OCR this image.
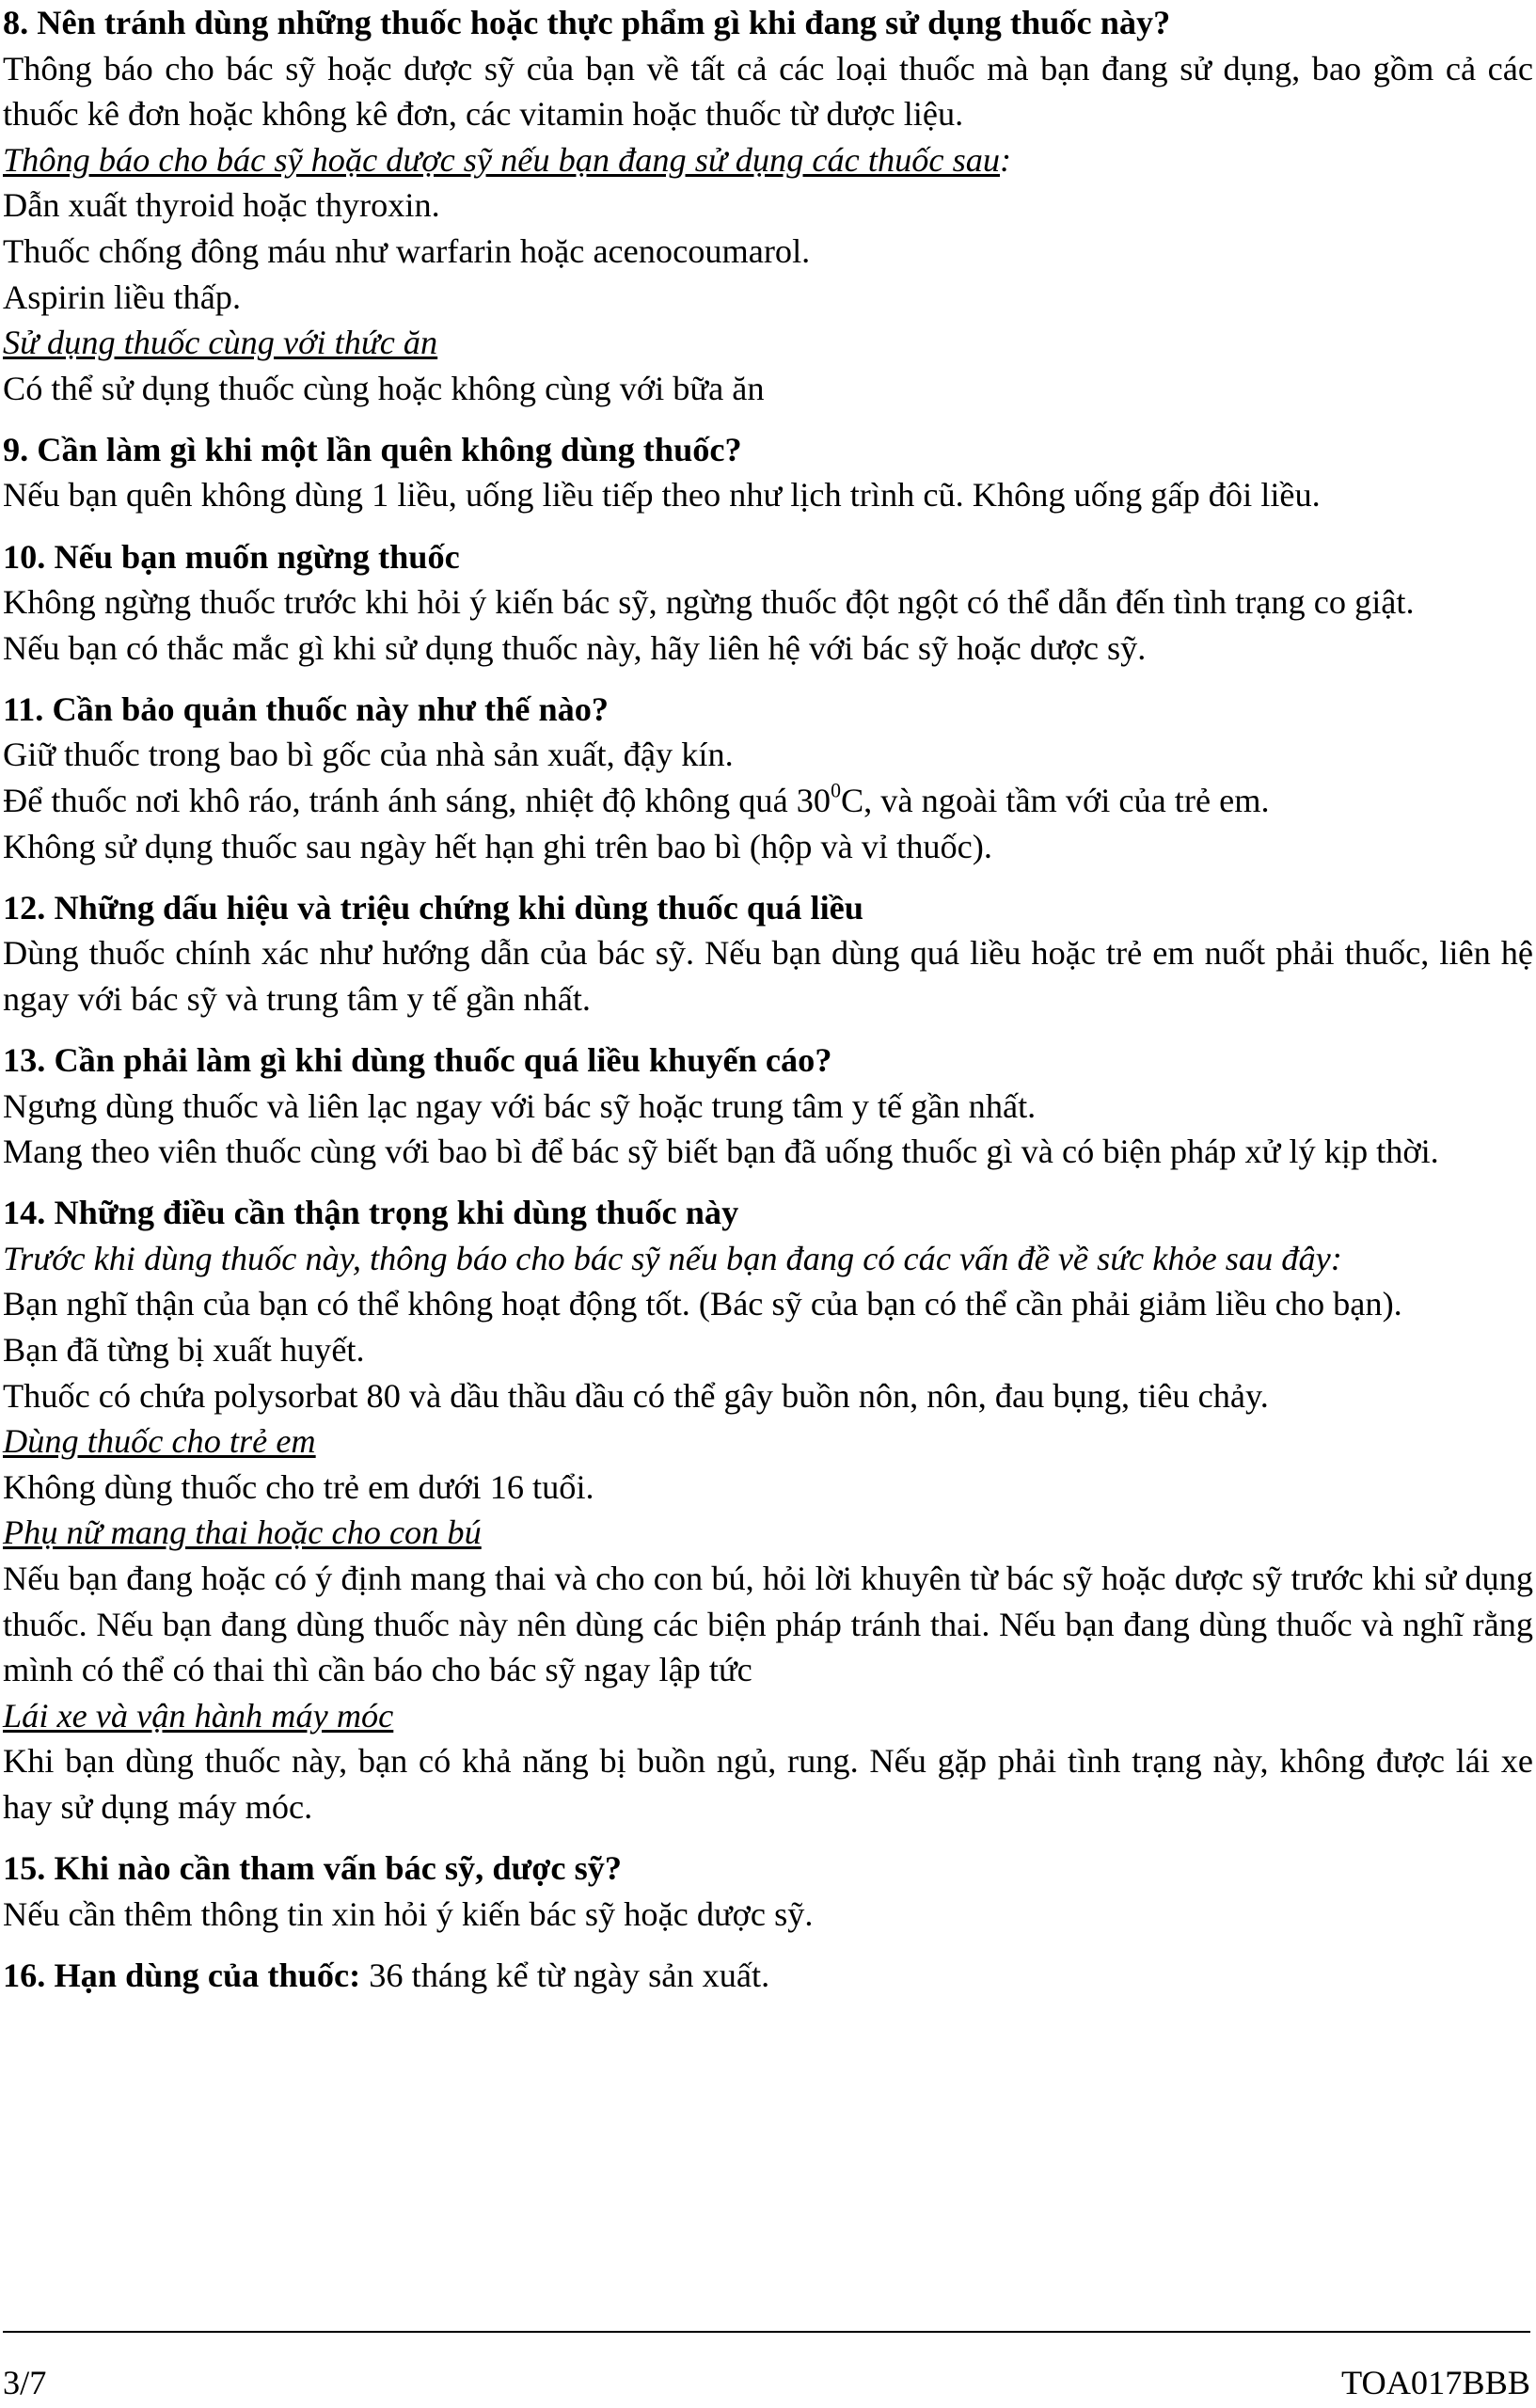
8. Nên tránh dùng những thuốc hoặc thực phẩm gì khi đang sử dụng thuốc này?
Thông báo cho bác sỹ hoặc dược sỹ của bạn về tất cả các loại thuốc mà bạn đang sử dụng, bao gồm cả các thuốc kê đơn hoặc không kê đơn, các vitamin hoặc thuốc từ dược liệu.
Thông báo cho bác sỹ hoặc dược sỹ nếu bạn đang sử dụng các thuốc sau:
Dẫn xuất thyroid hoặc thyroxin.
Thuốc chống đông máu như warfarin hoặc acenocoumarol.
Aspirin liều thấp.
Sử dụng thuốc cùng với thức ăn
Có thể sử dụng thuốc cùng hoặc không cùng với bữa ăn
9. Cần làm gì khi một lần quên không dùng thuốc?
Nếu bạn quên không dùng 1 liều, uống liều tiếp theo như lịch trình cũ. Không uống gấp đôi liều.
10. Nếu bạn muốn ngừng thuốc
Không ngừng thuốc trước khi hỏi ý kiến bác sỹ, ngừng thuốc đột ngột có thể dẫn đến tình trạng co giật.
Nếu bạn có thắc mắc gì khi sử dụng thuốc này, hãy liên hệ với bác sỹ hoặc dược sỹ.
11. Cần bảo quản thuốc này như thế nào?
Giữ thuốc trong bao bì gốc của nhà sản xuất, đậy kín.
Để thuốc nơi khô ráo, tránh ánh sáng, nhiệt độ không quá $30^0C$, và ngoài tầm với của trẻ em.
Không sử dụng thuốc sau ngày hết hạn ghi trên bao bì (hộp và vỉ thuốc).
12. Những dấu hiệu và triệu chứng khi dùng thuốc quá liều
Dùng thuốc chính xác như hướng dẫn của bác sỹ. Nếu bạn dùng quá liều hoặc trẻ em nuốt phải thuốc, liên hệ ngay với bác sỹ và trung tâm y tế gần nhất.
13. Cần phải làm gì khi dùng thuốc quá liều khuyến cáo?
Ngưng dùng thuốc và liên lạc ngay với bác sỹ hoặc trung tâm y tế gần nhất.
Mang theo viên thuốc cùng với bao bì để bác sỹ biết bạn đã uống thuốc gì và có biện pháp xử lý kịp thời.
14. Những điều cần thận trọng khi dùng thuốc này
Trước khi dùng thuốc này, thông báo cho bác sỹ nếu bạn đang có các vấn đề về sức khỏe sau đây:
Bạn nghĩ thận của bạn có thể không hoạt động tốt. (Bác sỹ của bạn có thể cần phải giảm liều cho bạn).
Bạn đã từng bị xuất huyết.
Thuốc có chứa polysorbat 80 và dầu thầu dầu có thể gây buồn nôn, nôn, đau bụng, tiêu chảy.
Dùng thuốc cho trẻ em
Không dùng thuốc cho trẻ em dưới 16 tuổi.
Phụ nữ mang thai hoặc cho con bú
Nếu bạn đang hoặc có ý định mang thai và cho con bú, hỏi lời khuyên từ bác sỹ hoặc dược sỹ trước khi sử dụng thuốc. Nếu bạn đang dùng thuốc này nên dùng các biện pháp tránh thai. Nếu bạn đang dùng thuốc và nghĩ rằng mình có thể có thai thì cần báo cho bác sỹ ngay lập tức
Lái xe và vận hành máy móc
Khi bạn dùng thuốc này, bạn có khả năng bị buồn ngủ, rung. Nếu gặp phải tình trạng này, không được lái xe hay sử dụng máy móc.
15. Khi nào cần tham vấn bác sỹ, dược sỹ?
Nếu cần thêm thông tin xin hỏi ý kiến bác sỹ hoặc dược sỹ.
16. Hạn dùng của thuốc: 36 tháng kể từ ngày sản xuất.
3/7	TOA017BBB
